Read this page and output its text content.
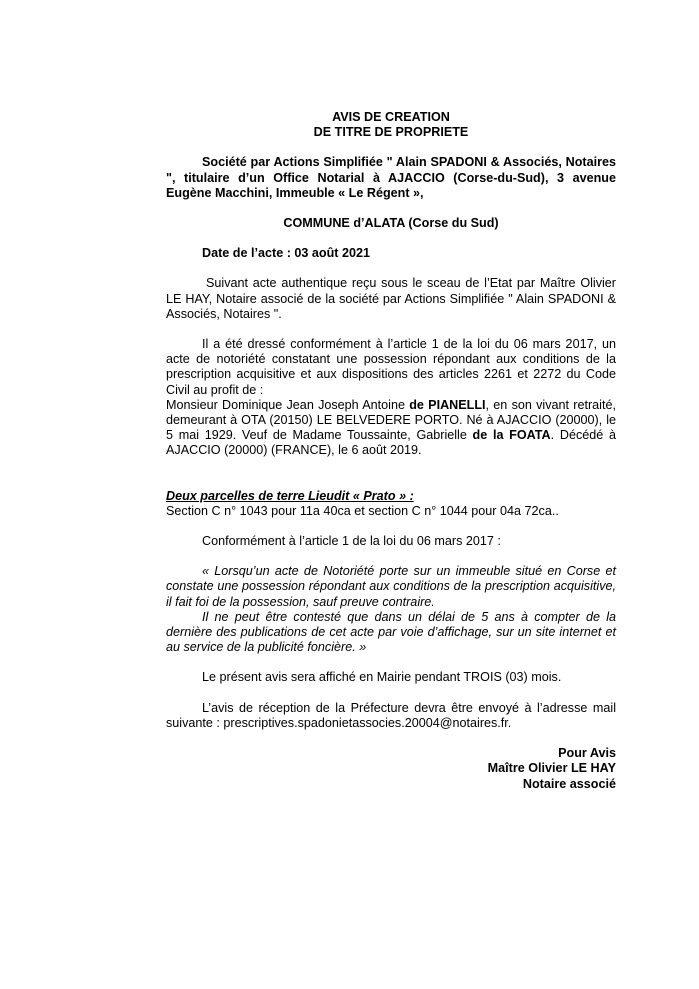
AVIS DE CREATION

DE TITRE DE PROPRIETE

Société par Actions Simplifiée " Alain SPADONI & Associés, Notaires ", titulaire d’un Office Notarial à AJACCIO (Corse-du-Sud), 3 avenue Eugène Macchini, Immeuble « Le Régent »,

COMMUNE d’ALATA (Corse du Sud)

Date de l’acte : 03 août 2021

Suivant acte authentique reçu sous le sceau de l’Etat par Maître Olivier LE HAY, Notaire associé de la société par Actions Simplifiée " Alain SPADONI & Associés, Notaires ".

Il a été dressé conformément à l’article 1 de la loi du 06 mars 2017, un acte de notoriété constatant une possession répondant aux conditions de la prescription acquisitive et aux dispositions des articles 2261 et 2272 du Code Civil au profit de :

Monsieur Dominique Jean Joseph Antoine de PIANELLI, en son vivant retraité, demeurant à OTA (20150) LE BELVEDERE PORTO. Né à AJACCIO (20000), le 5 mai 1929. Veuf de Madame Toussainte, Gabrielle de la FOATA. Décédé à AJACCIO (20000) (FRANCE), le 6 août 2019.

Deux parcelles de terre Lieudit « Prato » :

Section C n° 1043 pour 11a 40ca et section C n° 1044 pour 04a 72ca..

Conformément à l’article 1 de la loi du 06 mars 2017 :

« Lorsqu’un acte de Notoriété porte sur un immeuble situé en Corse et constate une possession répondant aux conditions de la prescription acquisitive, il fait foi de la possession, sauf preuve contraire.

Il ne peut être contesté que dans un délai de 5 ans à compter de la dernière des publications de cet acte par voie d’affichage, sur un site internet et au service de la publicité foncière. »

Le présent avis sera affiché en Mairie pendant TROIS (03) mois.

L’avis de réception de la Préfecture devra être envoyé à l’adresse mail suivante : prescriptives.spadonietassocies.20004@notaires.fr.

Pour Avis

Maître Olivier LE HAY

Notaire associé
